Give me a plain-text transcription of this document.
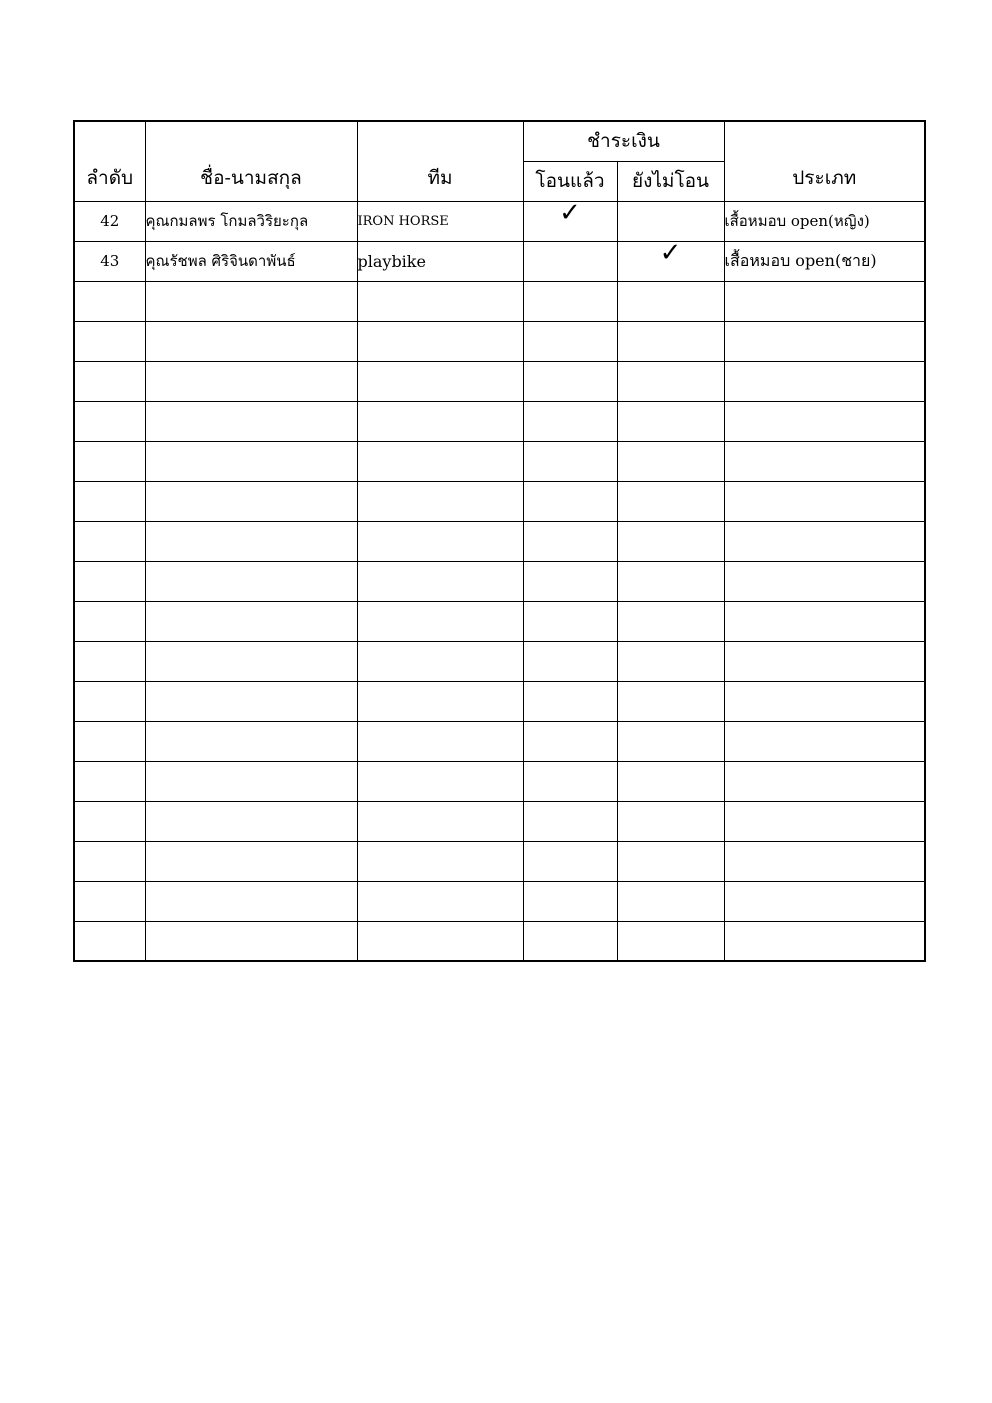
ลำดับ	ชื่อ-นามสกุล	ทีม	ชำระเงิน		ประเภท
			โอนแล้ว	ยังไม่โอน	
42	คุณกมลพร โกมลวิริยะกุล	IRON HORSE	✓		เสื้อหมอบ open(หญิง)
43	คุณรัชพล ศิริจินดาพันธ์	playbike		✓	เสื้อหมอบ open(ชาย)
